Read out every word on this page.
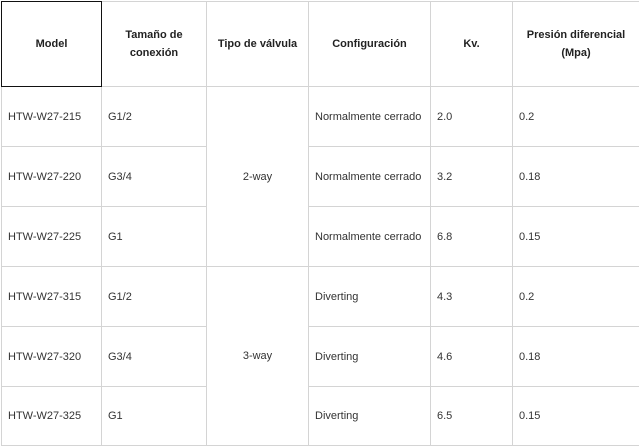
Model	Tamaño de conexión	Tipo de válvula	Configuración	Kv.	Presión diferencial (Mpa)
HTW-W27-215	G1/2	2-way	Normalmente cerrado	2.0	0.2
HTW-W27-220	G3/4		Normalmente cerrado	3.2	0.18
HTW-W27-225	G1		Normalmente cerrado	6.8	0.15
HTW-W27-315	G1/2	3-way	Diverting	4.3	0.2
HTW-W27-320	G3/4		Diverting	4.6	0.18
HTW-W27-325	G1		Diverting	6.5	0.15
